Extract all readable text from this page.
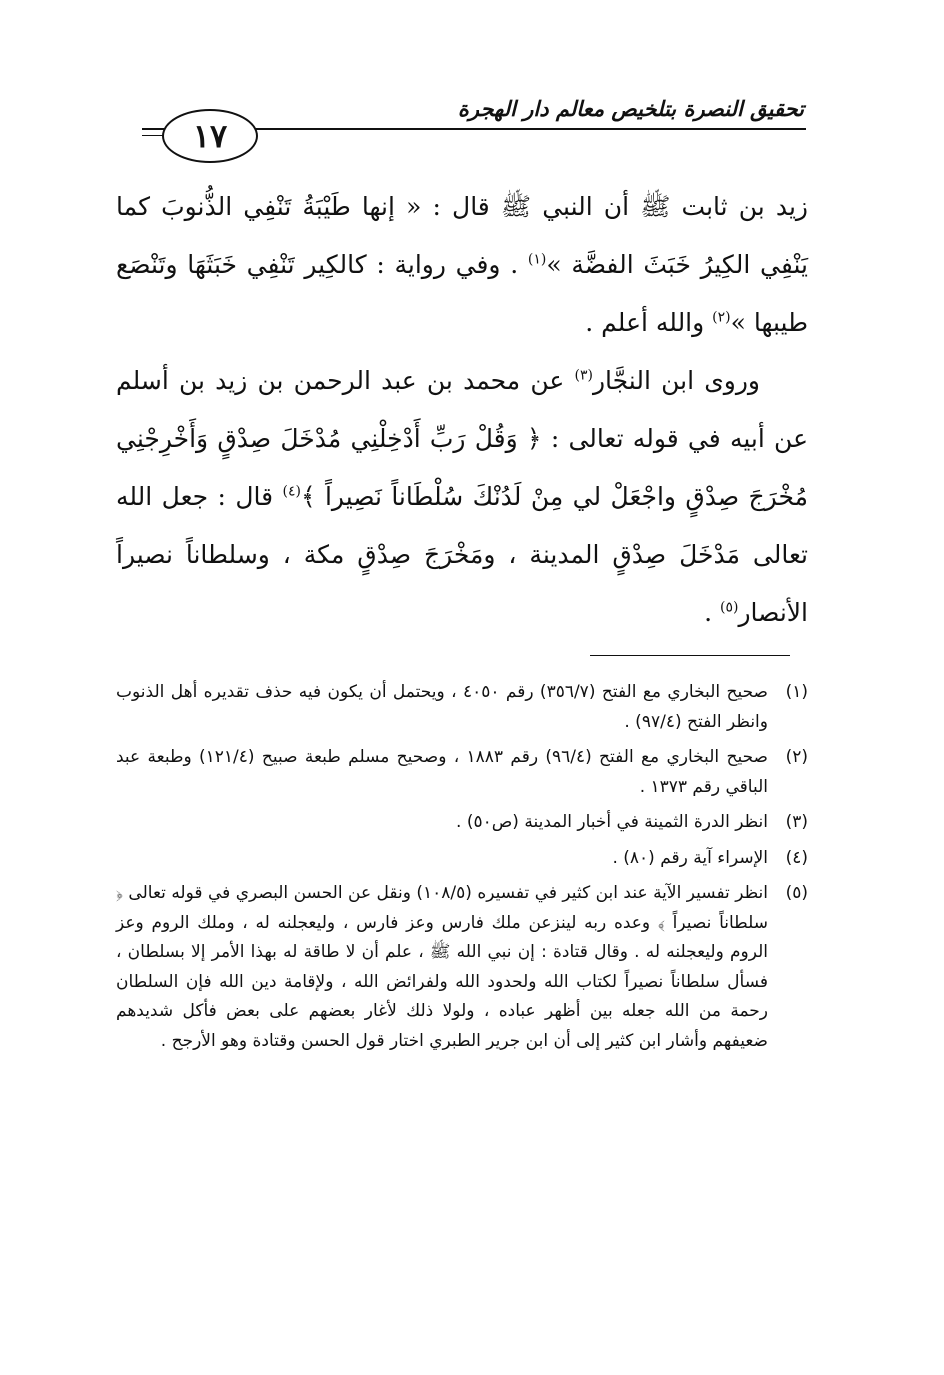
تحقيق النصرة بتلخيص معالم دار الهجرة
١٧

زيد بن ثابت ﷺ أن النبي ﷺ قال : « إنها طَيْبَةُ تَنْفِي الذُّنوبَ كما يَنْفِي الكِيرُ خَبَثَ الفضَّة »$^{(١)}$ . وفي رواية : كالكِير تَنْفِي خَبَثَهَا وتَنْصَع طيبها »$^{(٢)}$ والله أعلم .

وروى ابن النجَّار$^{(٣)}$ عن محمد بن عبد الرحمن بن زيد بن أسلم عن أبيه في قوله تعالى : ﴿ وَقُلْ رَبِّ أَدْخِلْنِي مُدْخَلَ صِدْقٍ وَأَخْرِجْنِي مُخْرَجَ صِدْقٍ واجْعَلْ لي مِنْ لَدُنْكَ سُلْطَاناً نَصِيراً ﴾$^{(٤)}$ قال : جعل الله تعالى مَدْخَلَ صِدْقٍ المدينة ، ومَخْرَجَ صِدْقٍ مكة ، وسلطاناً نصيراً الأنصار$^{(٥)}$ .

(١)
صحيح البخاري مع الفتح (٣٥٦/٧) رقم ٤٠٥٠ ، ويحتمل أن يكون فيه حذف تقديره أهل الذنوب وانظر الفتح (٩٧/٤) .
(٢)
صحيح البخاري مع الفتح (٩٦/٤) رقم ١٨٨٣ ، وصحيح مسلم طبعة صبيح (١٢١/٤) وطبعة عبد الباقي رقم ١٣٧٣ .
(٣)
انظر الدرة الثمينة في أخبار المدينة (ص٥٠) .
(٤)
الإسراء آية رقم (٨٠) .
(٥)
انظر تفسير الآية عند ابن كثير في تفسيره (١٠٨/٥) ونقل عن الحسن البصري في قوله تعالى ﴿ سلطاناً نصيراً ﴾ وعده ربه لينزعن ملك فارس وعز فارس ، وليعجلنه له ، وملك الروم وعز الروم وليعجلنه له . وقال قتادة : إن نبي الله ﷺ ، علم أن لا طاقة له بهذا الأمر إلا بسلطان ، فسأل سلطاناً نصيراً لكتاب الله ولحدود الله ولفرائض الله ، ولإقامة دين الله فإن السلطان رحمة من الله جعله بين أظهر عباده ، ولولا ذلك لأغار بعضهم على بعض فأكل شديدهم ضعيفهم وأشار ابن كثير إلى أن ابن جرير الطبري اختار قول الحسن وقتادة وهو الأرجح .
